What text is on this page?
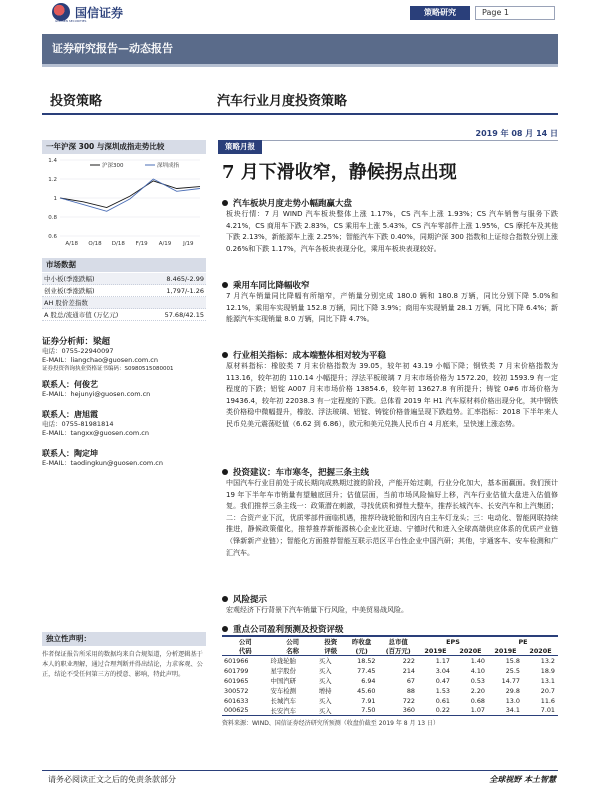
国信证券
GUOSEN SECURITIES
策略研究	Page 1
证券研究报告—动态报告
投资策略	汽车行业月度投资策略
2019 年 08 月 14 日
一年沪深 300 与深圳成指走势比较
1.4
1.2
1
0.8
0.6
A/18 O/18 D/18 F/19 A/19 J/19
沪深300	深圳成指
市场数据
中小板(季涨跌幅)	8.465/-2.99
创业板(季涨跌幅)	1,797/-1.26
AH 股价差指数
A 股总/流通市值 (万亿元)	57.68/42.15
证券分析师：梁超
电话：0755-22940097
E-MAIL：liangchao@guosen.com.cn
证券投资咨询执业资格证书编码：S0980515080001
联系人：何俊艺
E-MAIL：hejunyi@guosen.com.cn
联系人：唐旭霞
电话：0755-81981814
E-MAIL：tangxx@guosen.com.cn
联系人：陶定坤
E-MAIL：taodingkun@guosen.com.cn
独立性声明：
作者保证报告所采用的数据均来自合规渠道，分析逻辑基于本人的职业理解，通过合理判断并得出结论，力求客观、公正，结论不受任何第三方的授意、影响，特此声明。
策略月报
7 月下滑收窄，静候拐点出现
汽车板块月度走势小幅跑赢大盘
板块行情：7 月 WIND 汽车板块整体上涨 1.17%，CS 汽车上涨 1.93%；CS 汽车销售与服务下跌 4.21%，CS 商用车下跌 2.83%，CS 乘用车上涨 5.43%，CS 汽车零部件上涨 1.95%，CS 摩托车及其他下跌 2.13%，新能源车上涨 2.25%；智能汽车下跌 0.40%，同期沪深 300 指数和上证综合指数分别上涨 0.26%和下跌 1.17%，汽车各板块表现分化，乘用车板块表现较好。
乘用车同比降幅收窄
7 月汽车销量同比降幅有所缩窄，产销量分别完成 180.0 辆和 180.8 万辆，同比分别下降 5.0%和 12.1%，乘用车实现销量 152.8 万辆，同比下降 3.9%；商用车实现销量 28.1 万辆，同比下降 6.4%；新能源汽车实现销量 8.0 万辆，同比下降 4.7%。
行业相关指标：成本端整体相对较为平稳
原材料指标：橡胶类 7 月末价格指数为 39.05，较年初 43.19 小幅下降；钢铁类 7 月末价格指数为 113.16，较年初的 110.14 小幅提升；浮法平板玻璃 7 月末市场价格为 1572.20，较初 1593.9 有一定程度的下跌；铝锭 A007 月末市场价格 13854.6，较年初 13627.8 有所提升；铸锭 0#6 市场价格为 19436.4，较年初 22038.3 有一定程度的下跌。总体看 2019 年 H1 汽车原材料价格出现分化，其中钢铁类价格稳中微幅提升，橡胶、浮法玻璃、铝锭、铸锭价格普遍呈现下跌趋势。汇率指标：2018 下半年来人民币兑美元震荡贬值（6.62 到 6.86），欧元和美元兑换人民币白 4 月底来，呈快速上涨态势。
投资建议：车市寒冬，把握三条主线
中国汽车行业目前处于成长期向成熟期过渡的阶段，产能开始过剩，行业分化加大，基本面羸面。我们预计 19 年下半年车市销量有望触底回升；估值层面，当前市场风险偏好上移，汽车行业估值大盘进入估值修复。我们推荐三条主线一：政策潜在刺激，寻找优质和弹性大整车，推荐长城汽车、长安汽车和上汽集团；二：合资产业下沉，优质零部件面临机遇，推荐玲珑轮胎和因内自主车灯龙头；三：电动化、智能网联持续推进，静候政策催化，推荐推荐新能源核心企业比亚迪、宁德时代和进入全球高端供应体系的优质产业链（锋新新产业链）；智能化方面推荐智能互联示范区平台性企业中国汽研；其他，宇通客车、安车检测和广汇汽车。
风险提示
宏观经济下行背景下汽车销量下行风险，中美贸易战风险。
重点公司盈利预测及投资评级
公司	公司	投资	昨收盘	总市值	EPS		PE	
代码	名称	评级	(元)	(百万元)	2019E	2020E	2019E	2020E
601966	玲珑轮胎	买入	18.52	222	1.17	1.40	15.8	13.2
601799	星宇股份	买入	77.45	214	3.04	4.10	25.5	18.9
601965	中国汽研	买入	6.94	67	0.47	0.53	14.77	13.1
300572	安车检测	增持	45.60	88	1.53	2.20	29.8	20.7
601633	长城汽车	买入	7.91	722	0.61	0.68	13.0	11.6
000625	长安汽车	买入	7.50	360	0.22	1.07	34.1	7.01
资料来源：WIND、国信证券经济研究所预测（收盘价截至 2019 年 8 月 13 日）
请务必阅读正文之后的免责条款部分	全球视野 本土智慧
